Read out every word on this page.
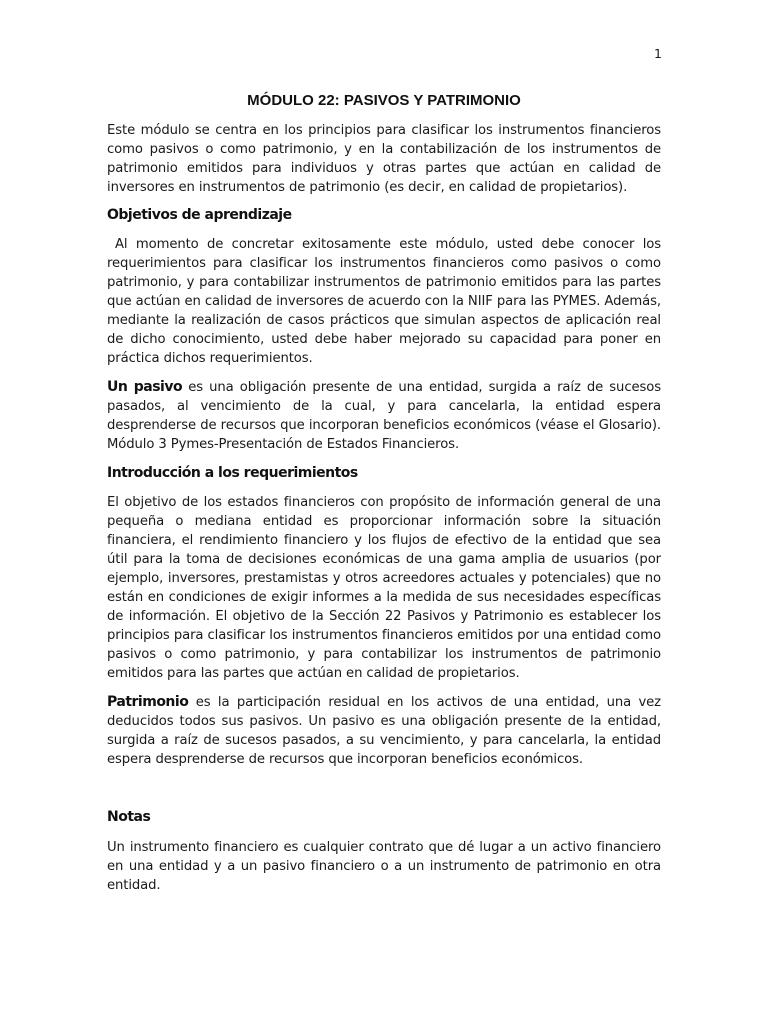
1
MÓDULO 22: PASIVOS Y PATRIMONIO

Este módulo se centra en los principios para clasificar los instrumentos financieros como pasivos o como patrimonio, y en la contabilización de los instrumentos de patrimonio emitidos para individuos y otras partes que actúan en calidad de inversores en instrumentos de patrimonio (es decir, en calidad de propietarios).

Objetivos de aprendizaje

Al momento de concretar exitosamente este módulo, usted debe conocer los requerimientos para clasificar los instrumentos financieros como pasivos o como patrimonio, y para contabilizar instrumentos de patrimonio emitidos para las partes que actúan en calidad de inversores de acuerdo con la NIIF para las PYMES. Además, mediante la realización de casos prácticos que simulan aspectos de aplicación real de dicho conocimiento, usted debe haber mejorado su capacidad para poner en práctica dichos requerimientos.

Un pasivo es una obligación presente de una entidad, surgida a raíz de sucesos pasados, al vencimiento de la cual, y para cancelarla, la entidad espera desprenderse de recursos que incorporan beneficios económicos (véase el Glosario). Módulo 3 Pymes-Presentación de Estados Financieros.

Introducción a los requerimientos

El objetivo de los estados financieros con propósito de información general de una pequeña o mediana entidad es proporcionar información sobre la situación financiera, el rendimiento financiero y los flujos de efectivo de la entidad que sea útil para la toma de decisiones económicas de una gama amplia de usuarios (por ejemplo, inversores, prestamistas y otros acreedores actuales y potenciales) que no están en condiciones de exigir informes a la medida de sus necesidades específicas de información. El objetivo de la Sección 22 Pasivos y Patrimonio es establecer los principios para clasificar los instrumentos financieros emitidos por una entidad como pasivos o como patrimonio, y para contabilizar los instrumentos de patrimonio emitidos para las partes que actúan en calidad de propietarios.

Patrimonio es la participación residual en los activos de una entidad, una vez deducidos todos sus pasivos. Un pasivo es una obligación presente de la entidad, surgida a raíz de sucesos pasados, a su vencimiento, y para cancelarla, la entidad espera desprenderse de recursos que incorporan beneficios económicos.

Notas

Un instrumento financiero es cualquier contrato que dé lugar a un activo financiero en una entidad y a un pasivo financiero o a un instrumento de patrimonio en otra entidad.
